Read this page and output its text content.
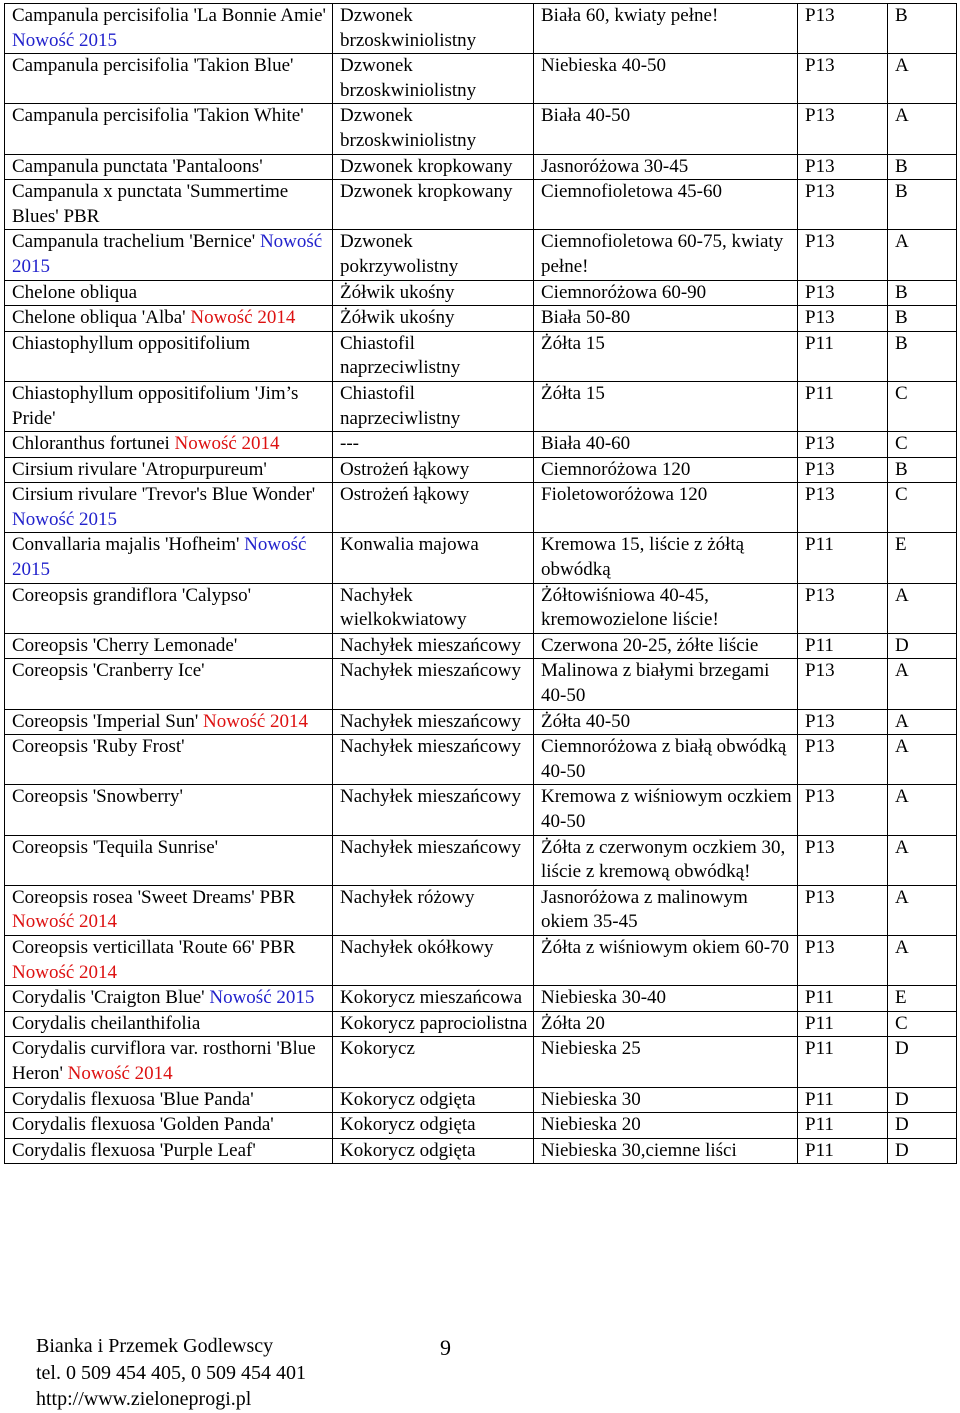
Campanula percisifolia 'La Bonnie Amie' Nowość 2015	Dzwonek brzoskwiniolistny	Biała 60, kwiaty pełne!	P13	B
Campanula percisifolia 'Takion Blue'	Dzwonek brzoskwiniolistny	Niebieska 40-50	P13	A
Campanula percisifolia 'Takion White'	Dzwonek brzoskwiniolistny	Biała 40-50	P13	A
Campanula punctata 'Pantaloons'	Dzwonek kropkowany	Jasnoróżowa 30-45	P13	B
Campanula x punctata 'Summertime Blues' PBR	Dzwonek kropkowany	Ciemnofioletowa 45-60	P13	B
Campanula trachelium 'Bernice' Nowość 2015	Dzwonek pokrzywolistny	Ciemnofioletowa 60-75, kwiaty pełne!	P13	A
Chelone obliqua	Żółwik ukośny	Ciemnoróżowa 60-90	P13	B
Chelone obliqua 'Alba' Nowość 2014	Żółwik ukośny	Biała 50-80	P13	B
Chiastophyllum oppositifolium	Chiastofil naprzeciwlistny	Żółta 15	P11	B
Chiastophyllum oppositifolium 'Jim’s Pride'	Chiastofil naprzeciwlistny	Żółta 15	P11	C
Chloranthus fortunei Nowość 2014	---	Biała 40-60	P13	C
Cirsium rivulare 'Atropurpureum'	Ostrożeń łąkowy	Ciemnoróżowa 120	P13	B
Cirsium rivulare 'Trevor's Blue Wonder' Nowość 2015	Ostrożeń łąkowy	Fioletoworóżowa 120	P13	C
Convallaria majalis 'Hofheim' Nowość 2015	Konwalia majowa	Kremowa 15, liście z żółtą obwódką	P11	E
Coreopsis grandiflora 'Calypso'	Nachyłek wielkokwiatowy	Żółtowiśniowa 40-45, kremowozielone liście!	P13	A
Coreopsis 'Cherry Lemonade'	Nachyłek mieszańcowy	Czerwona 20-25, żółte liście	P11	D
Coreopsis 'Cranberry Ice'	Nachyłek mieszańcowy	Malinowa z białymi brzegami 40-50	P13	A
Coreopsis 'Imperial Sun' Nowość 2014	Nachyłek mieszańcowy	Żółta 40-50	P13	A
Coreopsis 'Ruby Frost'	Nachyłek mieszańcowy	Ciemnoróżowa z białą obwódką 40-50	P13	A
Coreopsis 'Snowberry'	Nachyłek mieszańcowy	Kremowa z wiśniowym oczkiem 40-50	P13	A
Coreopsis 'Tequila Sunrise'	Nachyłek mieszańcowy	Żółta z czerwonym oczkiem 30, liście z kremową obwódką!	P13	A
Coreopsis rosea 'Sweet Dreams' PBR Nowość 2014	Nachyłek różowy	Jasnoróżowa z malinowym okiem 35-45	P13	A
Coreopsis verticillata 'Route 66' PBR Nowość 2014	Nachyłek okółkowy	Żółta z wiśniowym okiem 60-70	P13	A
Corydalis 'Craigton Blue' Nowość 2015	Kokorycz mieszańcowa	Niebieska 30-40	P11	E
Corydalis cheilanthifolia	Kokorycz paprociolistna	Żółta 20	P11	C
Corydalis curviflora var. rosthorni 'Blue Heron' Nowość 2014	Kokorycz	Niebieska 25	P11	D
Corydalis flexuosa 'Blue Panda'	Kokorycz odgięta	Niebieska 30	P11	D
Corydalis flexuosa 'Golden Panda'	Kokorycz odgięta	Niebieska 20	P11	D
Corydalis flexuosa 'Purple Leaf'	Kokorycz odgięta	Niebieska 30,ciemne liści	P11	D
Bianka i Przemek Godlewscy
tel. 0 509 454 405, 0 509 454 401
http://www.zieloneprogi.pl
9
